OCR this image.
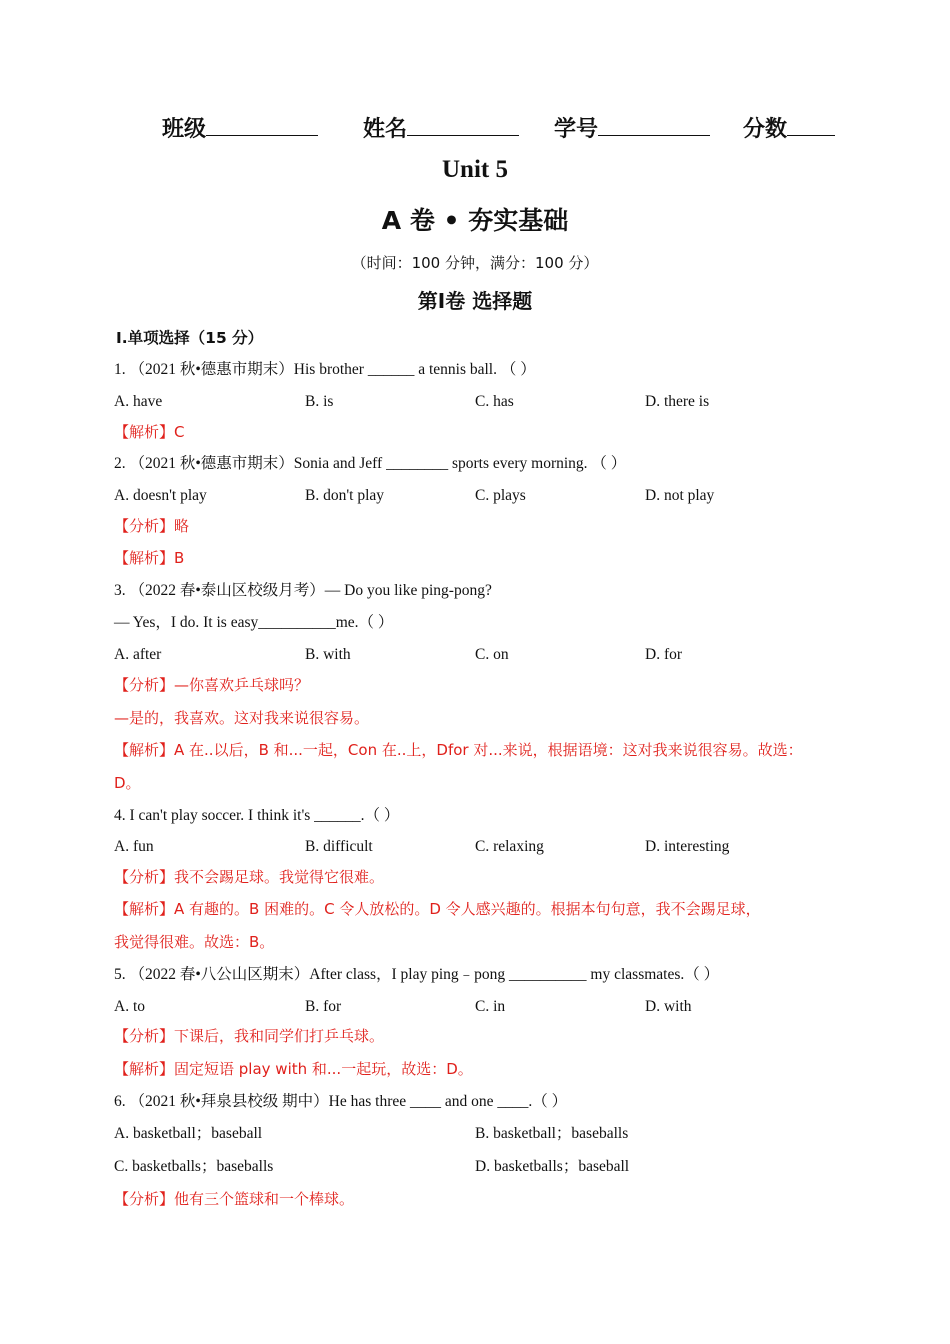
班级	姓名	学号	分数
Unit 5
A 卷 • 夯实基础
（时间：100 分钟，满分：100 分）
第Ⅰ卷 选择题
Ⅰ.单项选择（15 分）
1. （2021 秋•德惠市期末）His brother ______ a tennis ball. （ ）
A. have	B. is	C. has	D. there is
【解析】C
2. （2021 秋•德惠市期末）Sonia and Jeff ________ sports every morning. （ ）
A. doesn't play	B. don't play	C. plays	D. not play
【分析】略
【解析】B
3. （2022 春•泰山区校级月考）— Do you like ping-pong?
— Yes，I do. It is easy__________me.（ ）
A. after	B. with	C. on	D. for
【分析】—你喜欢乒乓球吗？
—是的，我喜欢。这对我来说很容易。
【解析】A 在..以后，B 和...一起，Con 在..上，Dfor 对...来说，根据语境：这对我来说很容易。故选：
D。
4. I can't play soccer. I think it's ______.（ ）
A. fun	B. difficult	C. relaxing	D. interesting
【分析】我不会踢足球。我觉得它很难。
【解析】A 有趣的。B 困难的。C 令人放松的。D 令人感兴趣的。根据本句句意，我不会踢足球，
我觉得很难。故选：B。
5. （2022 春•八公山区期末）After class，I play ping﹣pong __________ my classmates.（ ）
A. to	B. for	C. in	D. with
【分析】下课后，我和同学们打乒乓球。
【解析】固定短语 play with 和...一起玩，故选：D。
6. （2021 秋•拜泉县校级 期中）He has three ____ and one ____.（ ）
A. basketball；baseball	B. basketball；baseballs
C. basketballs；baseballs	D. basketballs；baseball
【分析】他有三个篮球和一个棒球。
